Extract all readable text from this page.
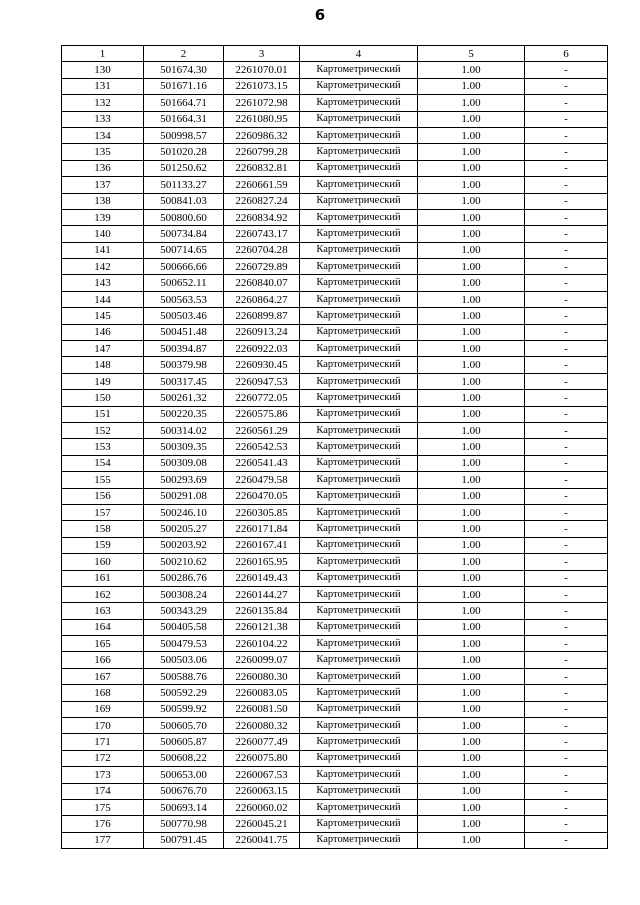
6
1	2	3	4	5	6
130	501674.30	2261070.01	Картометрический	1.00	-
131	501671.16	2261073.15	Картометрический	1.00	-
132	501664.71	2261072.98	Картометрический	1.00	-
133	501664.31	2261080.95	Картометрический	1.00	-
134	500998.57	2260986.32	Картометрический	1.00	-
135	501020.28	2260799.28	Картометрический	1.00	-
136	501250.62	2260832.81	Картометрический	1.00	-
137	501133.27	2260661.59	Картометрический	1.00	-
138	500841.03	2260827.24	Картометрический	1.00	-
139	500800.60	2260834.92	Картометрический	1.00	-
140	500734.84	2260743.17	Картометрический	1.00	-
141	500714.65	2260704.28	Картометрический	1.00	-
142	500666.66	2260729.89	Картометрический	1.00	-
143	500652.11	2260840.07	Картометрический	1.00	-
144	500563.53	2260864.27	Картометрический	1.00	-
145	500503.46	2260899.87	Картометрический	1.00	-
146	500451.48	2260913.24	Картометрический	1.00	-
147	500394.87	2260922.03	Картометрический	1.00	-
148	500379.98	2260930.45	Картометрический	1.00	-
149	500317.45	2260947.53	Картометрический	1.00	-
150	500261.32	2260772.05	Картометрический	1.00	-
151	500220.35	2260575.86	Картометрический	1.00	-
152	500314.02	2260561.29	Картометрический	1.00	-
153	500309.35	2260542.53	Картометрический	1.00	-
154	500309.08	2260541.43	Картометрический	1.00	-
155	500293.69	2260479.58	Картометрический	1.00	-
156	500291.08	2260470.05	Картометрический	1.00	-
157	500246.10	2260305.85	Картометрический	1.00	-
158	500205.27	2260171.84	Картометрический	1.00	-
159	500203.92	2260167.41	Картометрический	1.00	-
160	500210.62	2260165.95	Картометрический	1.00	-
161	500286.76	2260149.43	Картометрический	1.00	-
162	500308.24	2260144.27	Картометрический	1.00	-
163	500343.29	2260135.84	Картометрический	1.00	-
164	500405.58	2260121.38	Картометрический	1.00	-
165	500479.53	2260104.22	Картометрический	1.00	-
166	500503.06	2260099.07	Картометрический	1.00	-
167	500588.76	2260080.30	Картометрический	1.00	-
168	500592.29	2260083.05	Картометрический	1.00	-
169	500599.92	2260081.50	Картометрический	1.00	-
170	500605.70	2260080.32	Картометрический	1.00	-
171	500605.87	2260077.49	Картометрический	1.00	-
172	500608.22	2260075.80	Картометрический	1.00	-
173	500653.00	2260067.53	Картометрический	1.00	-
174	500676.70	2260063.15	Картометрический	1.00	-
175	500693.14	2260060.02	Картометрический	1.00	-
176	500770.98	2260045.21	Картометрический	1.00	-
177	500791.45	2260041.75	Картометрический	1.00	-
